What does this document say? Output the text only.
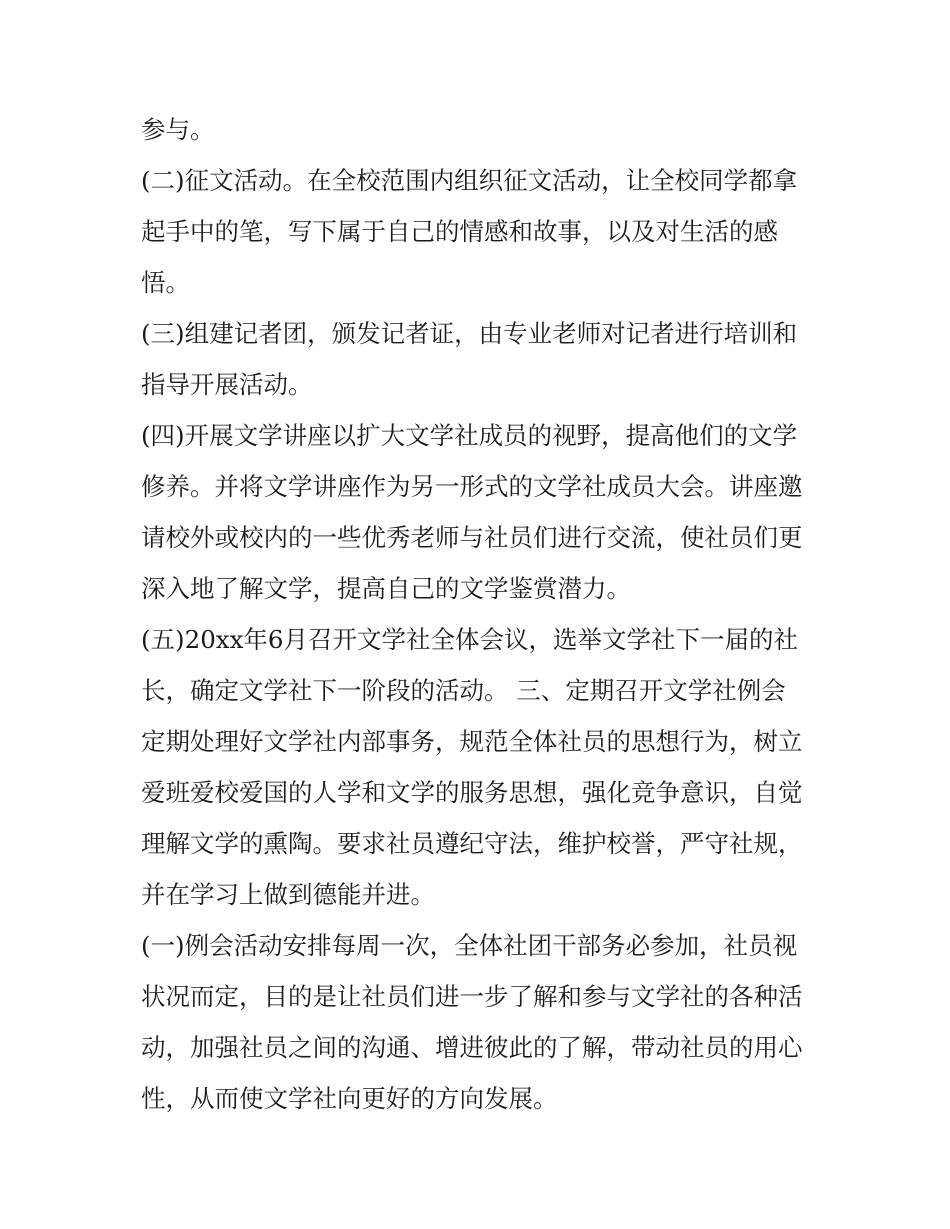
参与。

(二)征文活动。在全校范围内组织征文活动，让全校同学都拿起手中的笔，写下属于自己的情感和故事，以及对生活的感悟。

(三)组建记者团，颁发记者证，由专业老师对记者进行培训和指导开展活动。

(四)开展文学讲座以扩大文学社成员的视野，提高他们的文学修养。并将文学讲座作为另一形式的文学社成员大会。讲座邀请校外或校内的一些优秀老师与社员们进行交流，使社员们更深入地了解文学，提高自己的文学鉴赏潜力。

(五)20xx年6月召开文学社全体会议，选举文学社下一届的社长，确定文学社下一阶段的活动。 三、定期召开文学社例会 定期处理好文学社内部事务，规范全体社员的思想行为，树立爱班爱校爱国的人学和文学的服务思想，强化竞争意识，自觉理解文学的熏陶。要求社员遵纪守法，维护校誉，严守社规，并在学习上做到德能并进。

(一)例会活动安排每周一次，全体社团干部务必参加，社员视状况而定，目的是让社员们进一步了解和参与文学社的各种活动，加强社员之间的沟通、增进彼此的了解，带动社员的用心性，从而使文学社向更好的方向发展。
